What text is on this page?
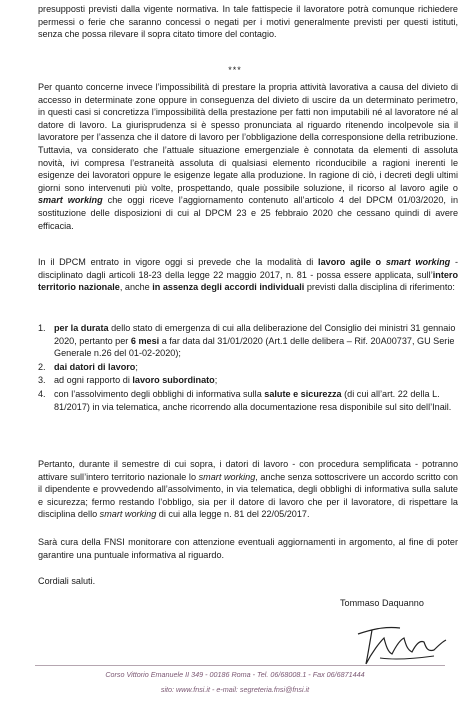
presupposti previsti dalla vigente normativa. In tale fattispecie il lavoratore potrà comunque richiedere permessi o ferie che saranno concessi o negati per i motivi generalmente previsti per questi istituti, senza che possa rilevare il sopra citato timore del contagio.

***

Per quanto concerne invece l’impossibilità di prestare la propria attività lavorativa a causa del divieto di accesso in determinate zone oppure in conseguenza del divieto di uscire da un determinato perimetro, in questi casi si concretizza l’impossibilità della prestazione per fatti non imputabili né al lavoratore né al datore di lavoro. La giurisprudenza si è spesso pronunciata al riguardo ritenendo incolpevole sia il lavoratore per l’assenza che il datore di lavoro per l’obbligazione della corresponsione della retribuzione. Tuttavia, va considerato che l’attuale situazione emergenziale è connotata da elementi di assoluta novità, ivi compresa l’estraneità assoluta di qualsiasi elemento riconducibile a ragioni inerenti le esigenze dei lavoratori oppure le esigenze legate alla produzione. In ragione di ciò, i decreti degli ultimi giorni sono intervenuti più volte, prospettando, quale possibile soluzione, il ricorso al lavoro agile o smart working che oggi riceve l’aggiornamento contenuto all’articolo 4 del DPCM 01/03/2020, in sostituzione delle disposizioni di cui al DPCM 23 e 25 febbraio 2020 che cessano quindi di avere efficacia.

In il DPCM entrato in vigore oggi si prevede che la modalità di lavoro agile o smart working - disciplinato dagli articoli 18-23 della legge 22 maggio 2017, n. 81 - possa essere applicata, sull’intero territorio nazionale, anche in assenza degli accordi individuali previsti dalla disciplina di riferimento:

1. per la durata dello stato di emergenza di cui alla deliberazione del Consiglio dei ministri 31 gennaio 2020, pertanto per 6 mesi a far data dal 31/01/2020 (Art.1 delle delibera – Rif. 20A00737, GU Serie Generale n.26 del 01-02-2020);
2. dai datori di lavoro;
3. ad ogni rapporto di lavoro subordinato;
4. con l’assolvimento degli obblighi di informativa sulla salute e sicurezza (di cui all’art. 22 della L. 81/2017) in via telematica, anche ricorrendo alla documentazione resa disponibile sul sito dell’Inail.

Pertanto, durante il semestre di cui sopra, i datori di lavoro - con procedura semplificata - potranno attivare sull’intero territorio nazionale lo smart working, anche senza sottoscrivere un accordo scritto con il dipendente e provvedendo all’assolvimento, in via telematica, degli obblighi di informativa sulla salute e sicurezza; fermo restando l’obbligo, sia per il datore di lavoro che per il lavoratore, di rispettare la disciplina dello smart working di cui alla legge n. 81 del 22/05/2017.

Sarà cura della FNSI monitorare con attenzione eventuali aggiornamenti in argomento, al fine di poter garantire una puntuale informativa al riguardo.

Cordiali saluti.

Tommaso Daquanno
Corso Vittorio Emanuele II 349 - 00186 Roma - Tel. 06/68008.1 - Fax 06/6871444
sito: www.fnsi.it - e-mail: segreteria.fnsi@fnsi.it
